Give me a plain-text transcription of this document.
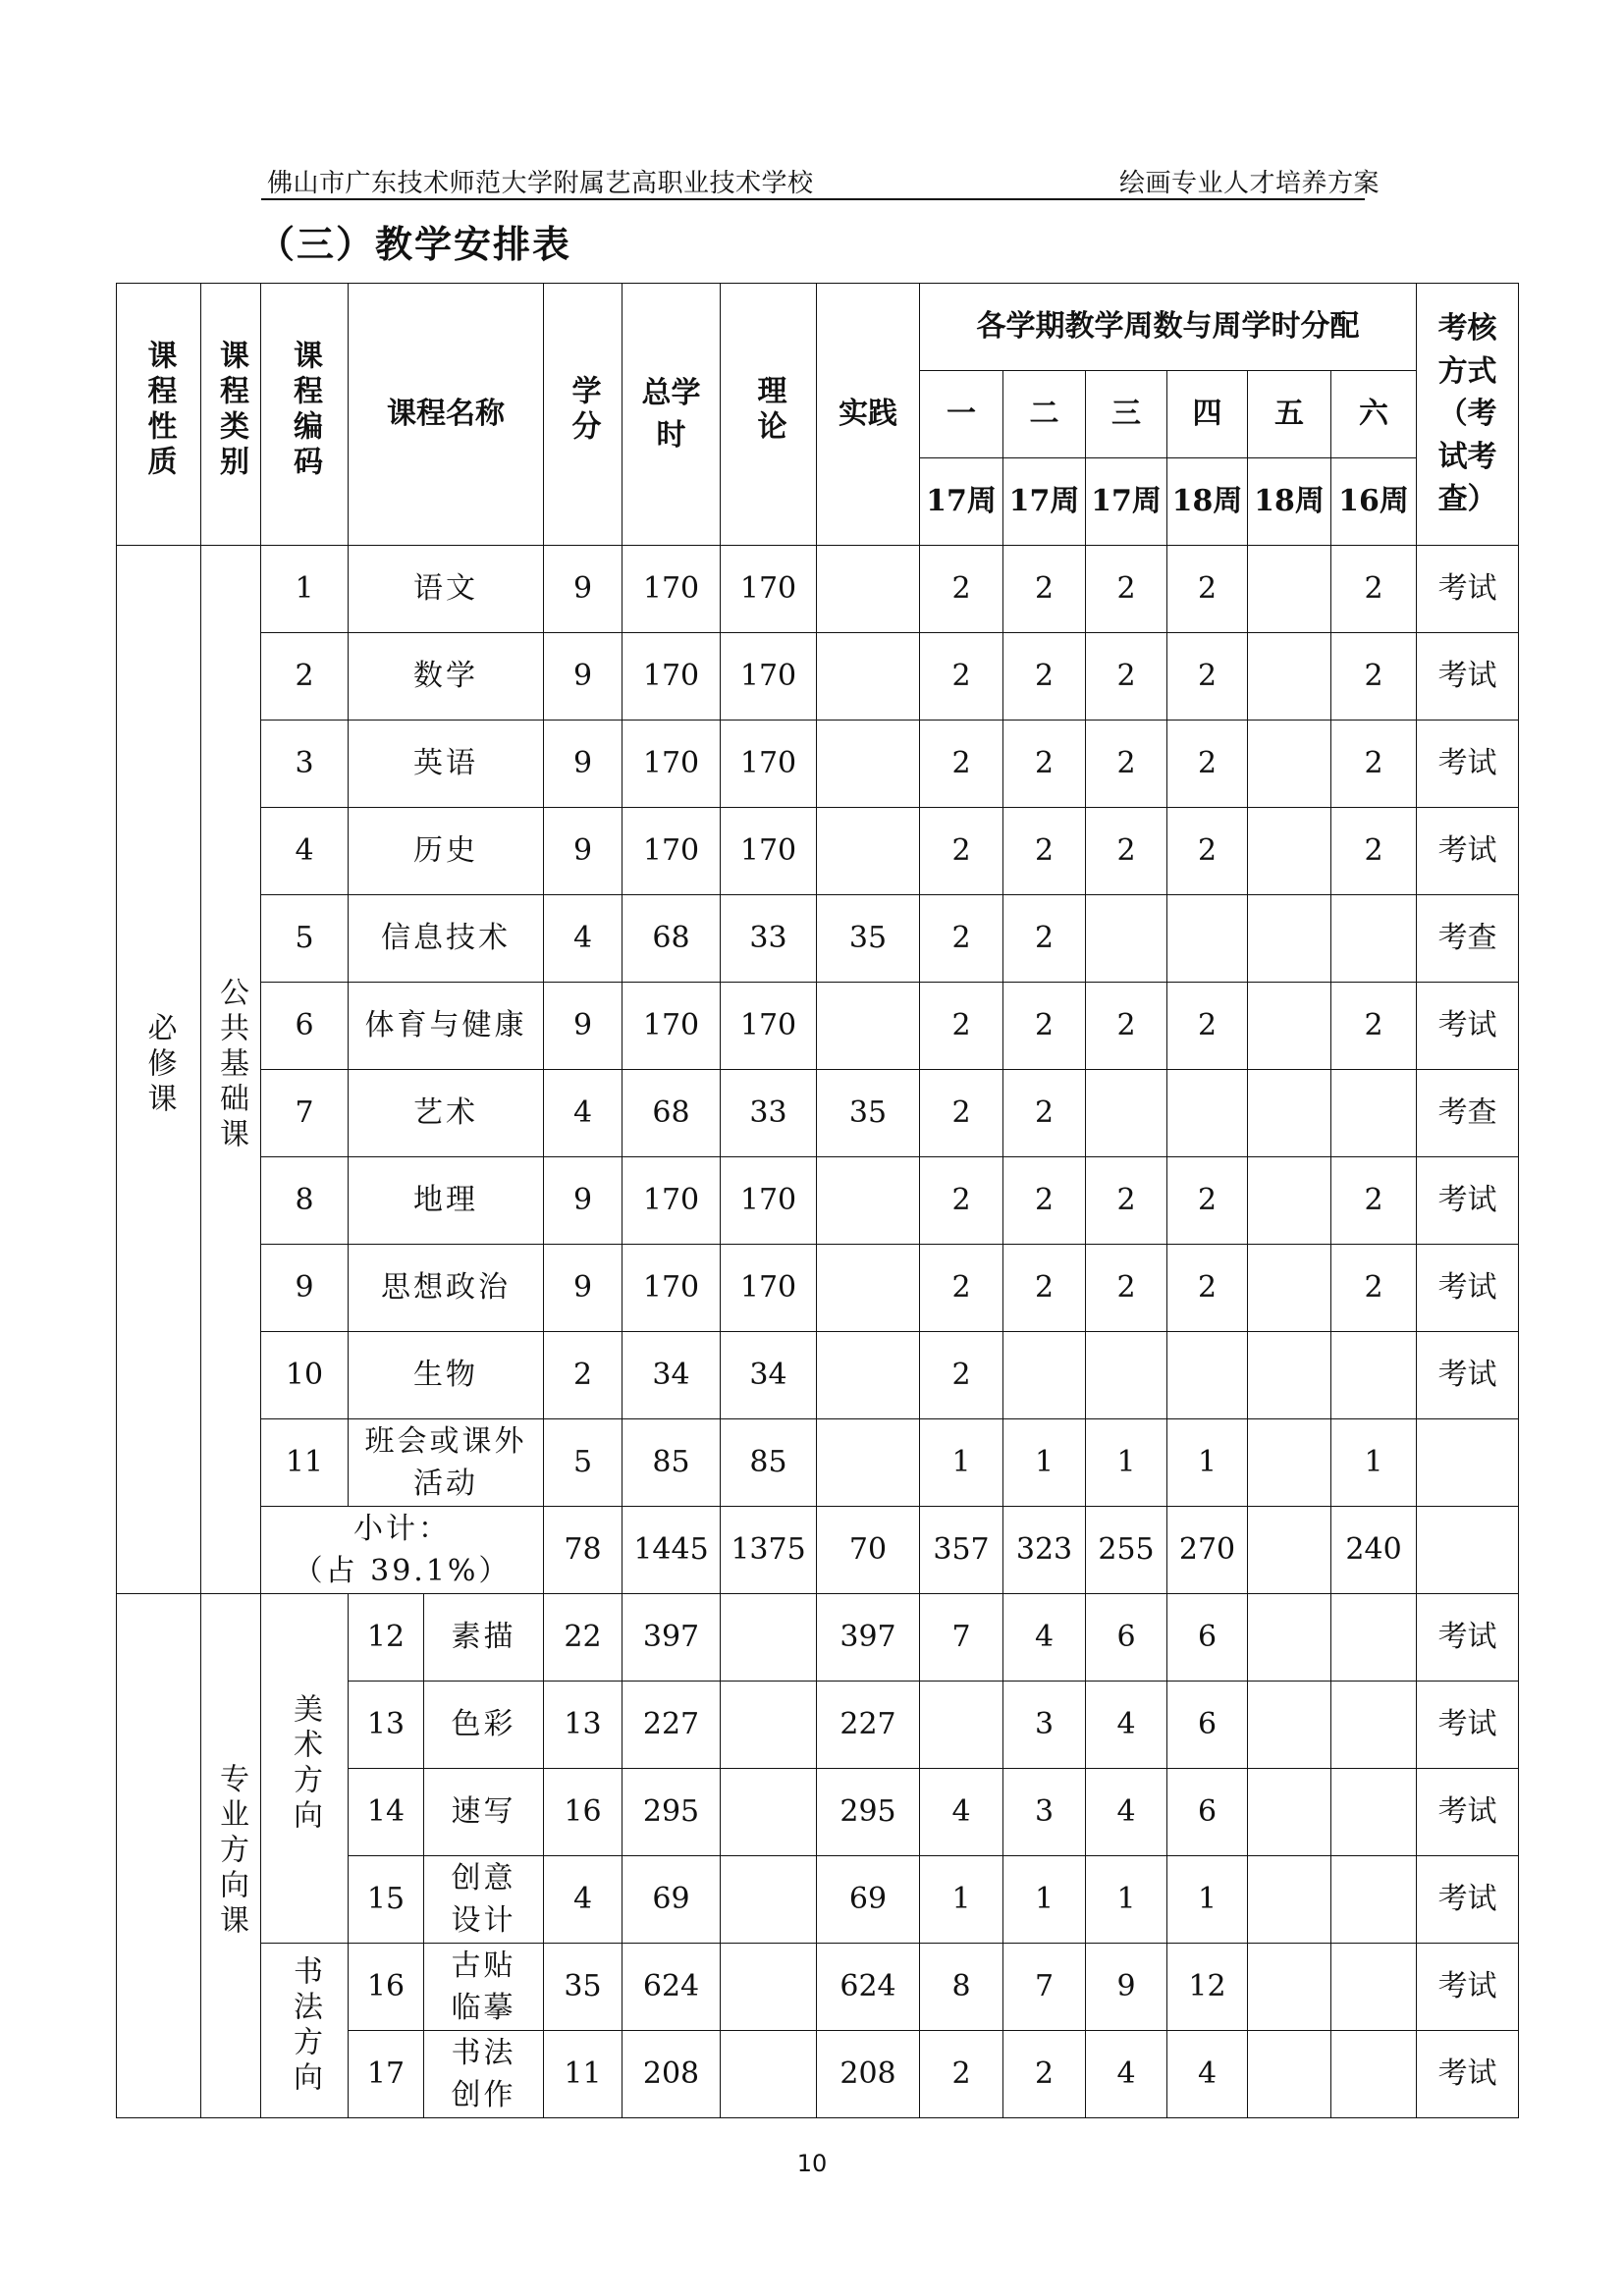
佛山市广东技术师范大学附属艺高职业技术学校	绘画专业人才培养方案
（三）教学安排表
课程性质	课程类别	课程编码	课程名称		学分	总学
时	理论	实践	各学期教学周数与周学时分配						考核
方式
（考
试考
查）
									一	二	三	四	五	六	
									17周	17周	17周	18周	18周	16周	
必修课	公共基础课	1	语文		9	170	170		2	2	2	2		2	考试
		2	数学		9	170	170		2	2	2	2		2	考试
		3	英语		9	170	170		2	2	2	2		2	考试
		4	历史		9	170	170		2	2	2	2		2	考试
		5	信息技术		4	68	33	35	2	2					考查
		6	体育与健康		9	170	170		2	2	2	2		2	考试
		7	艺术		4	68	33	35	2	2					考查
		8	地理		9	170	170		2	2	2	2		2	考试
		9	思想政治		9	170	170		2	2	2	2		2	考试
		10	生物		2	34	34		2						考试
		11	班会或课外
活动		5	85	85		1	1	1	1		1	
		小计：
（占 39.1%）			78	1445	1375	70	357	323	255	270		240	
	专业方向课	美术方向	12	素描	22	397		397	7	4	6	6			考试
			13	色彩	13	227		227		3	4	6			考试
			14	速写	16	295		295	4	3	4	6			考试
			15	创意
设计	4	69		69	1	1	1	1			考试
		书法方向	16	古贴
临摹	35	624		624	8	7	9	12			考试
			17	书法
创作	11	208		208	2	2	4	4			考试
10
